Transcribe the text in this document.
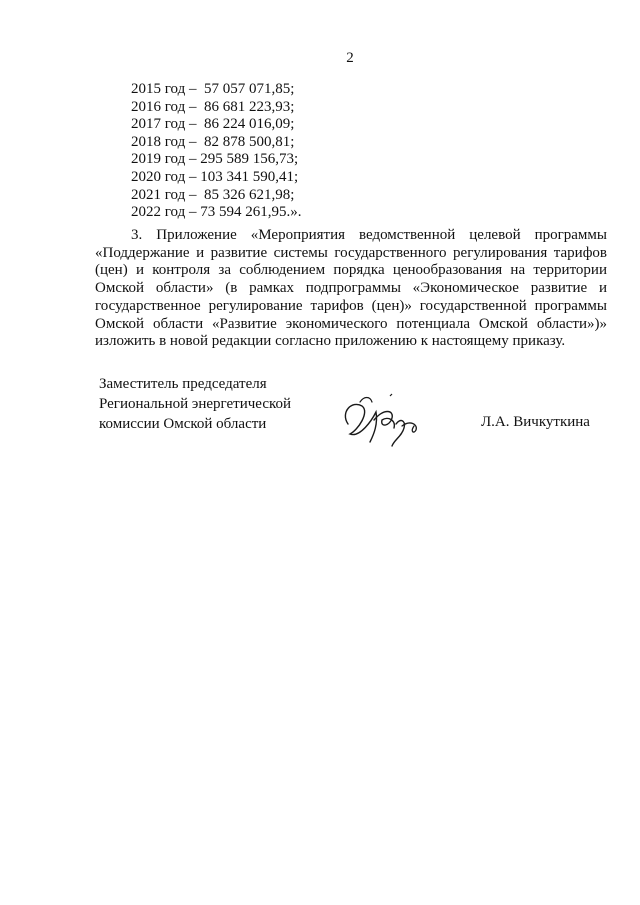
2
2015 год –  57 057 071,85;
2016 год –  86 681 223,93;
2017 год –  86 224 016,09;
2018 год –  82 878 500,81;
2019 год – 295 589 156,73;
2020 год – 103 341 590,41;
2021 год –  85 326 621,98;
2022 год – 73 594 261,95.».
3. Приложение «Мероприятия ведомственной целевой программы «Поддержание и развитие системы государственного регулирования тарифов (цен) и контроля за соблюдением порядка ценообразования на территории Омской области» (в рамках подпрограммы «Экономическое развитие и государственное регулирование тарифов (цен)» государственной программы Омской области «Развитие экономического потенциала Омской области»)» изложить в новой редакции согласно приложению к настоящему приказу.
Заместитель председателя
Региональной энергетической
комиссии Омской области	Л.А. Вичкуткина
